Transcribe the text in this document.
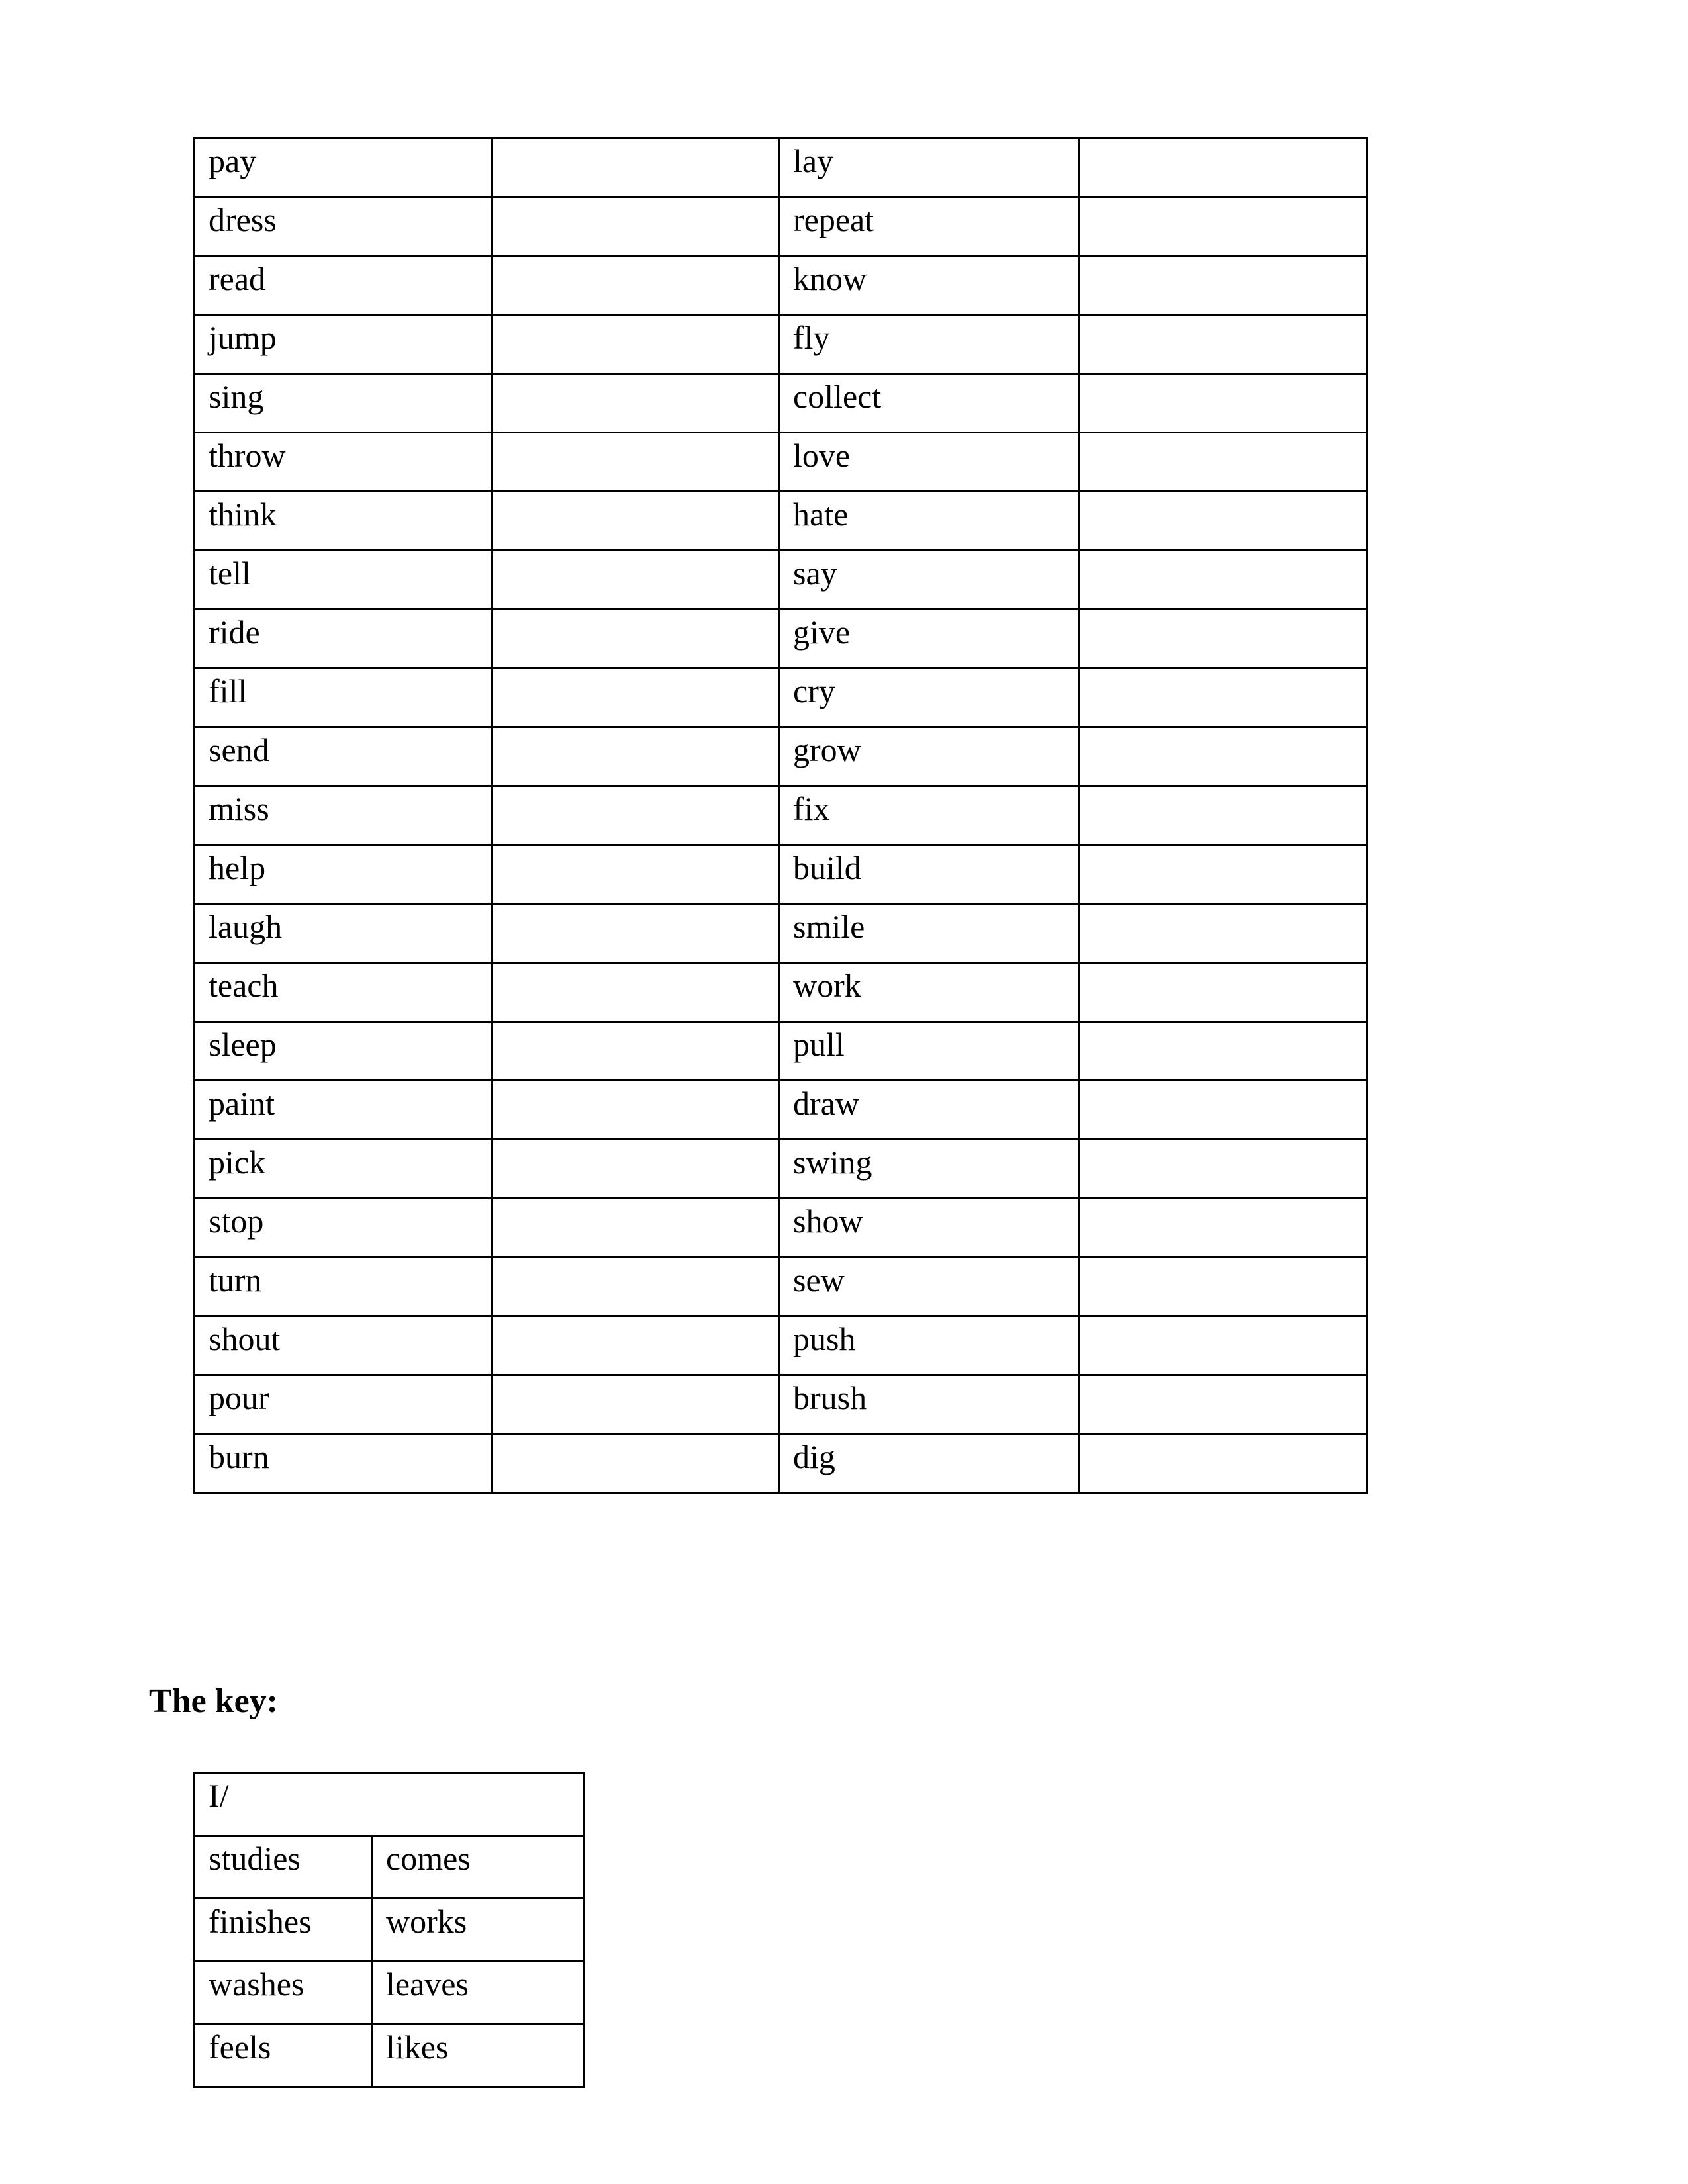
pay		lay	

dress		repeat	

read		know	

jump		fly	

sing		collect	

throw		love	

think		hate	

tell		say	

ride		give	

fill		cry	

send		grow	

miss		fix	

help		build	

laugh		smile	

teach		work	

sleep		pull	

paint		draw	

pick		swing	

stop		show	

turn		sew	

shout		push	

pour		brush	

burn		dig	

The key:
I/	

studies	comes

finishes	works

washes	leaves

feels	likes
